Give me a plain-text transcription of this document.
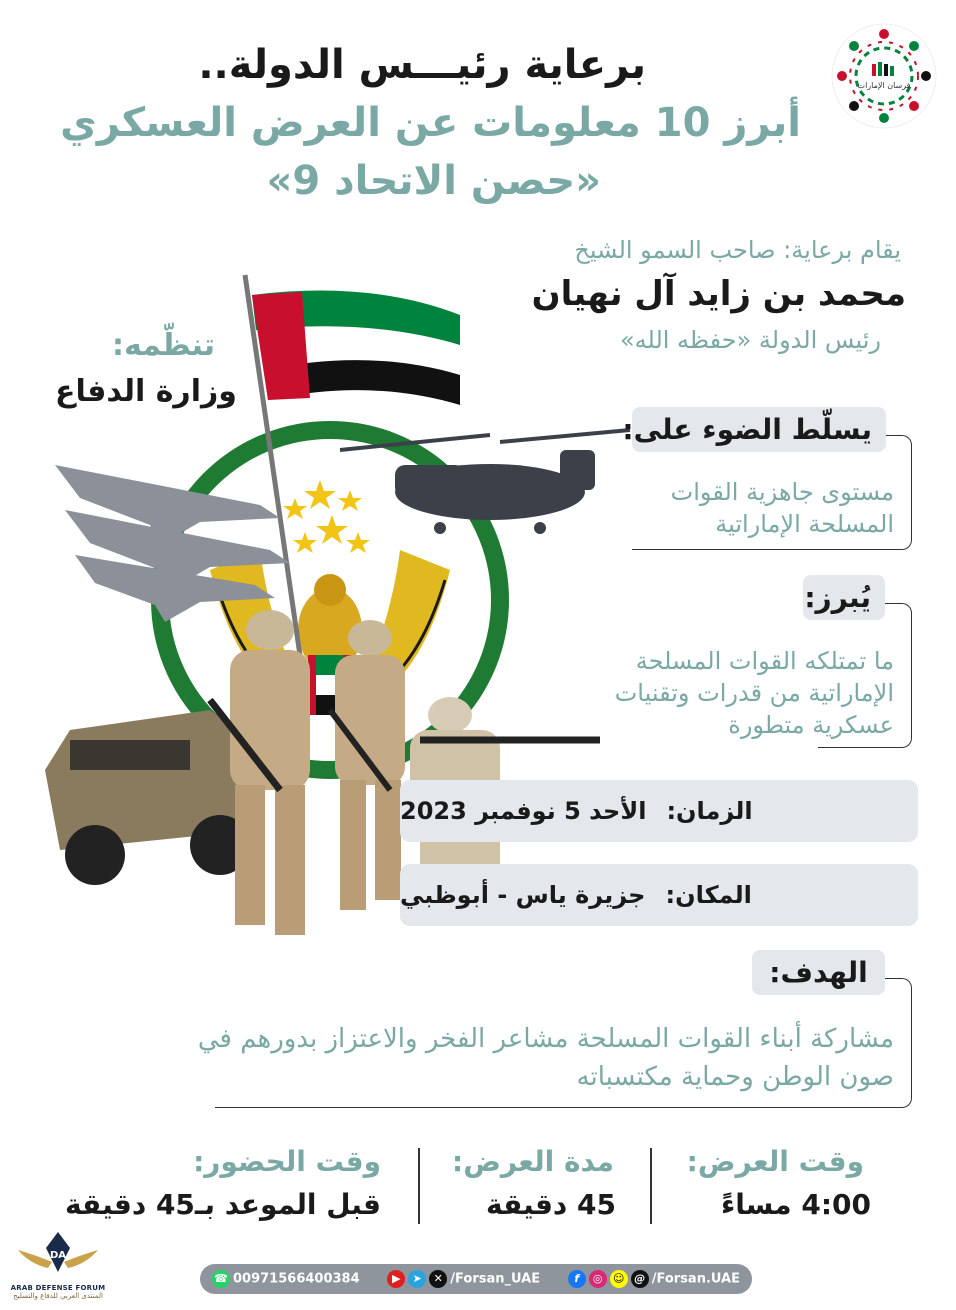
برعاية رئيـــس الدولة..
أبرز 10 معلومات عن العرض العسكري
«حصن الاتحاد 9»
فرسان الإمارات
يقام برعاية: صاحب السمو الشيخ
محمد بن زايد آل نهيان
رئيس الدولة «حفظه الله»
تنظّمه:
وزارة الدفاع
يسلّط الضوء على:
مستوى جاهزية القوات
المسلحة الإماراتية
يُبرز:
ما تمتلكه القوات المسلحة
الإماراتية من قدرات وتقنيات
عسكرية متطورة
الأحد 5 نوفمبر 2023 الزمان:
جزيرة ياس - أبوظبي المكان:
الهدف:
مشاركة أبناء القوات المسلحة مشاعر الفخر والاعتزاز بدورهم في
صون الوطن وحماية مكتسباته
وقت العرض:
4:00 مساءً
مدة العرض:
45 دقيقة
وقت الحضور:
قبل الموعد بـ45 دقيقة
☎ 00971566400384	▶ ➤ ✕ /Forsan_UAE	f ◎ ☺ @ /Forsan.UAE
DA
ARAB DEFENSE FORUM
المنتدى العربي للدفاع والتسليح
